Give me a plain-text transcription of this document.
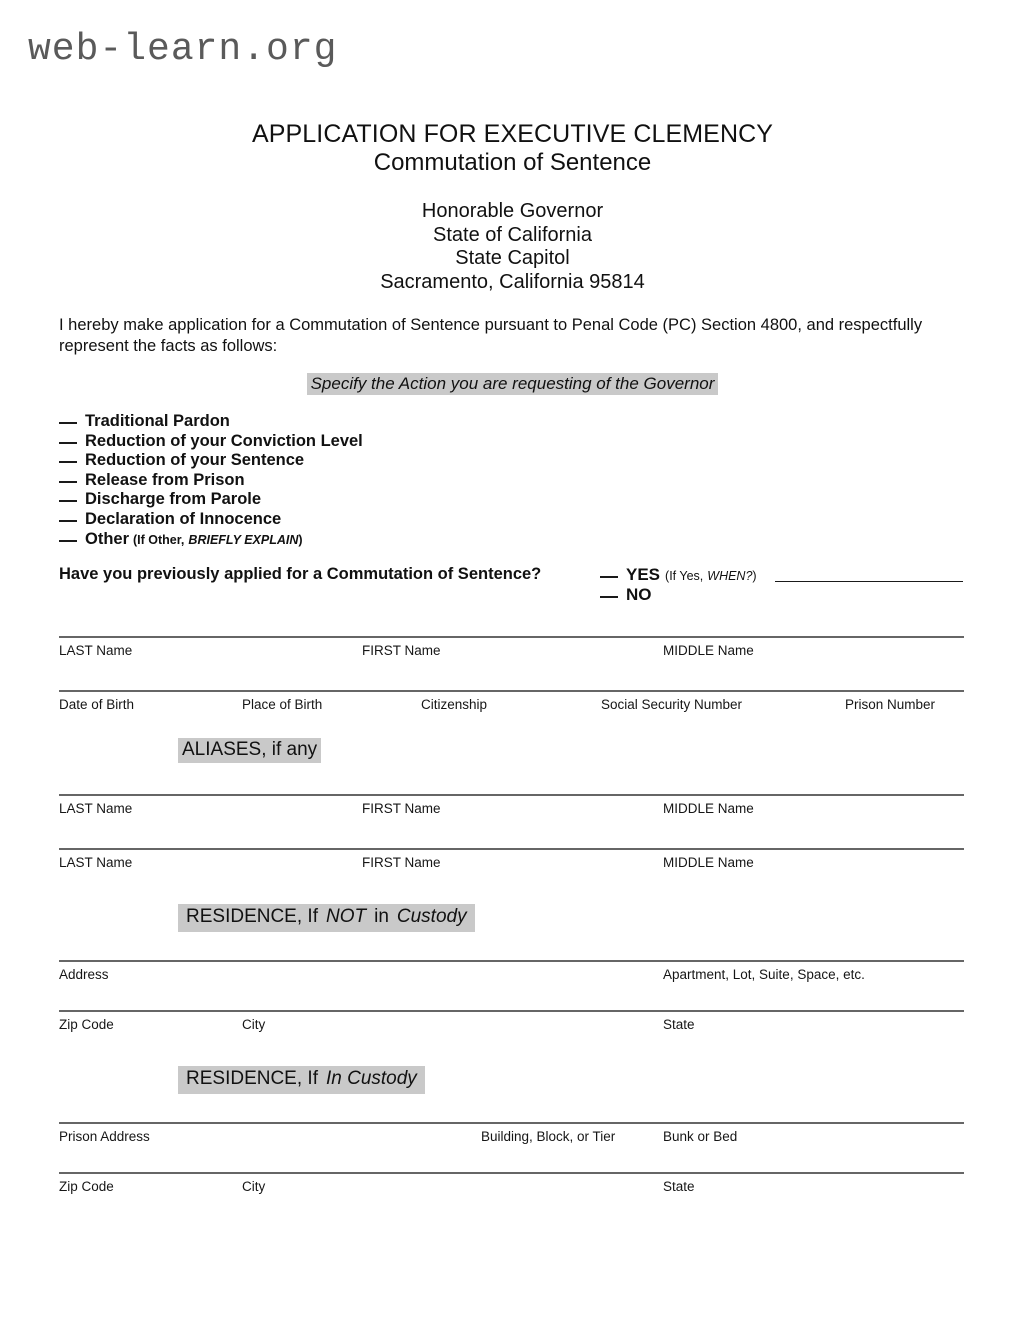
web-learn.org
APPLICATION FOR EXECUTIVE CLEMENCY
Commutation of Sentence
Honorable Governor
State of California
State Capitol
Sacramento, California 95814
I hereby make application for a Commutation of Sentence pursuant to Penal Code (PC) Section 4800, and respectfully represent the facts as follows:
Specify the Action you are requesting of the Governor
Traditional Pardon
Reduction of your Conviction Level
Reduction of your Sentence
Release from Prison
Discharge from Parole
Declaration of Innocence
Other (If Other, BRIEFLY EXPLAIN )
Have you previously applied for a Commutation of Sentence?	YES (If Yes, WHEN? )
NO
LAST Name	FIRST Name	MIDDLE Name
Date of Birth	Place of Birth	Citizenship	Social Security Number	Prison Number
ALIASES, if any
LAST Name	FIRST Name	MIDDLE Name
LAST Name	FIRST Name	MIDDLE Name
RESIDENCE, IfNOTinCustody
Address	Apartment, Lot, Suite, Space, etc.
Zip Code	City	State
RESIDENCE, IfIn Custody
Prison Address	Building, Block, or Tier	Bunk or Bed
Zip Code	City	State
